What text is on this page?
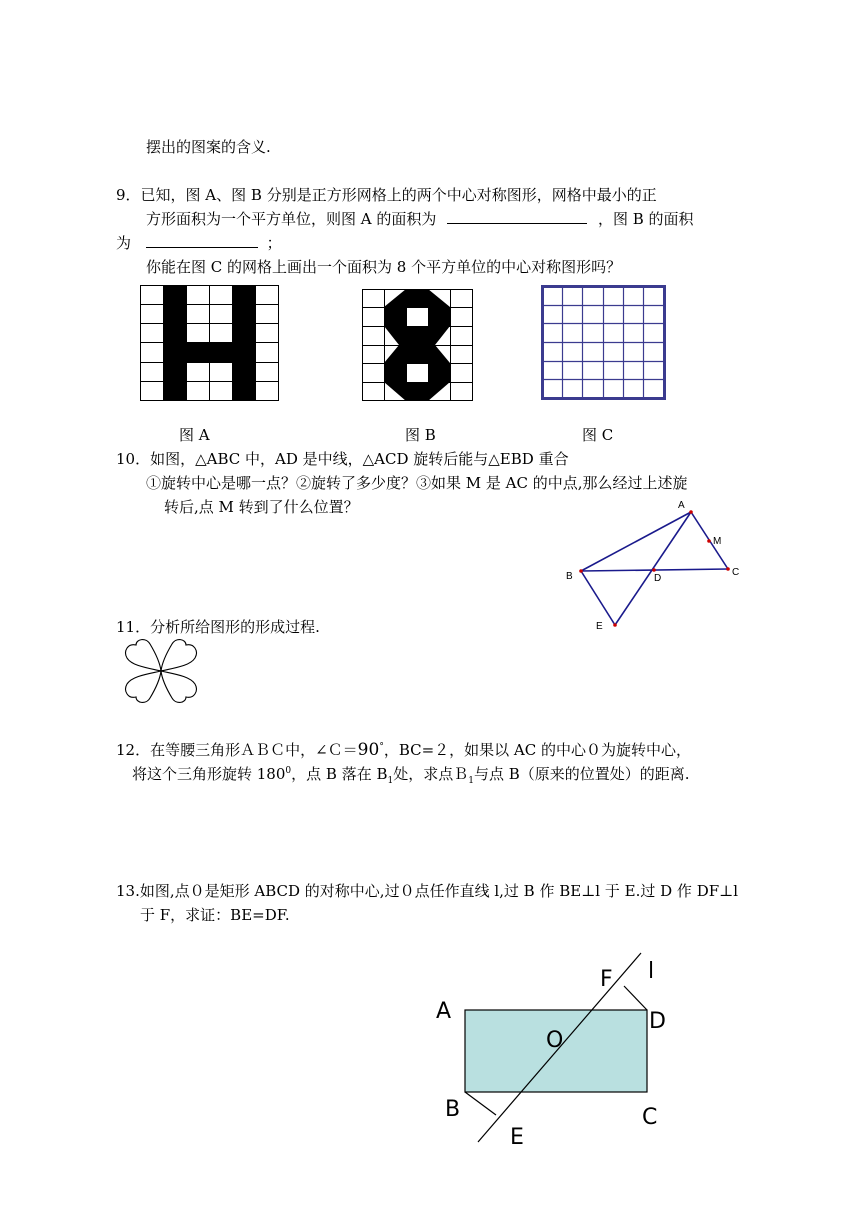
摆出的图案的含义.
9．已知，图 A、图 B 分别是正方形网格上的两个中心对称图形，网格中最小的正
方形面积为一个平方单位，则图 A 的面积为	，图 B 的面积
为	；
你能在图 C 的网格上画出一个面积为 8 个平方单位的中心对称图形吗？
图 A	图 B	图 C
10．如图，△ABC 中，AD 是中线，△ACD 旋转后能与△EBD 重合
①旋转中心是哪一点？②旋转了多少度？③如果 M 是 AC 的中点,那么经过上述旋
转后,点 M 转到了什么位置？	A
B	C
D
E
M
11．分析所给图形的形成过程.
12．在等腰三角形ＡＢＣ中，∠Ｃ＝90°，BC=２，如果以 AC 的中心０为旋转中心，
将这个三角形旋转 $180^0$，点 B 落在 $B_1$处，求点Ｂ$_1$与点 B（原来的位置处）的距离.
13.如图,点０是矩形 ABCD 的对称中心,过０点任作直线 l,过 B 作 BE⊥l 于 E.过 D 作 DF⊥l
于 F，求证：BE=DF.
A
B	C
D
E
F
O
l
